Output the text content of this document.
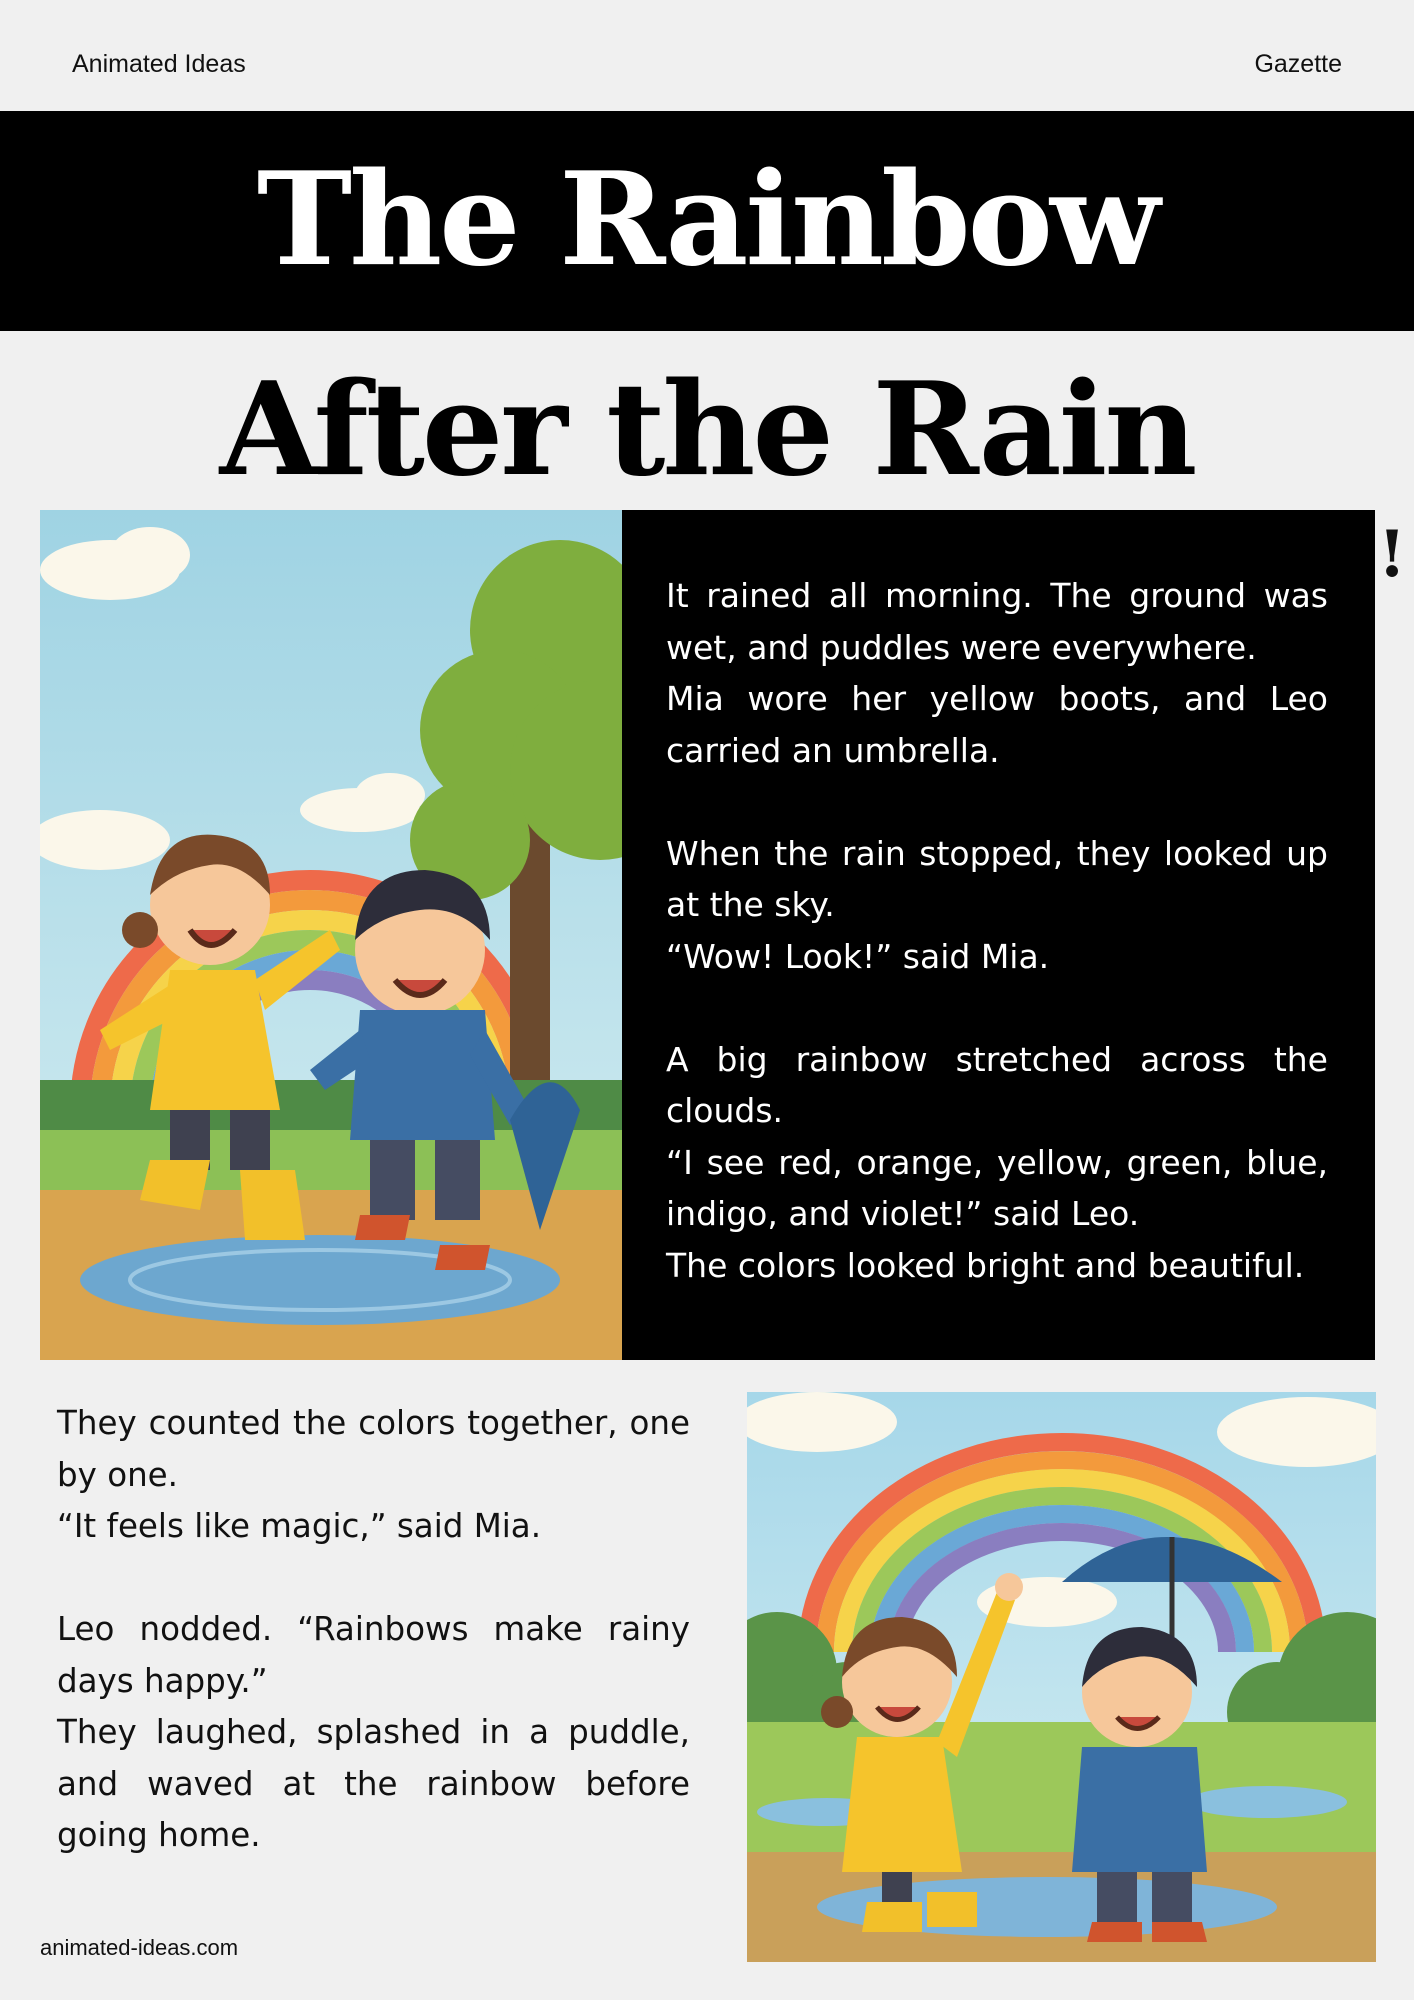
Animated Ideas	Gazette
The Rainbow
After the Rain
!

It rained all morning. The ground was wet, and puddles were everywhere.
Mia wore her yellow boots, and Leo carried an umbrella.

When the rain stopped, they looked up at the sky.
“Wow! Look!” said Mia.

A big rainbow stretched across the clouds.
“I see red, orange, yellow, green, blue, indigo, and violet!” said Leo.
The colors looked bright and beautiful.

They counted the colors together, one by one.
“It feels like magic,” said Mia.

Leo nodded. “Rainbows make rainy days happy.”
They laughed, splashed in a puddle, and waved at the rainbow before going home.

animated-ideas.com
